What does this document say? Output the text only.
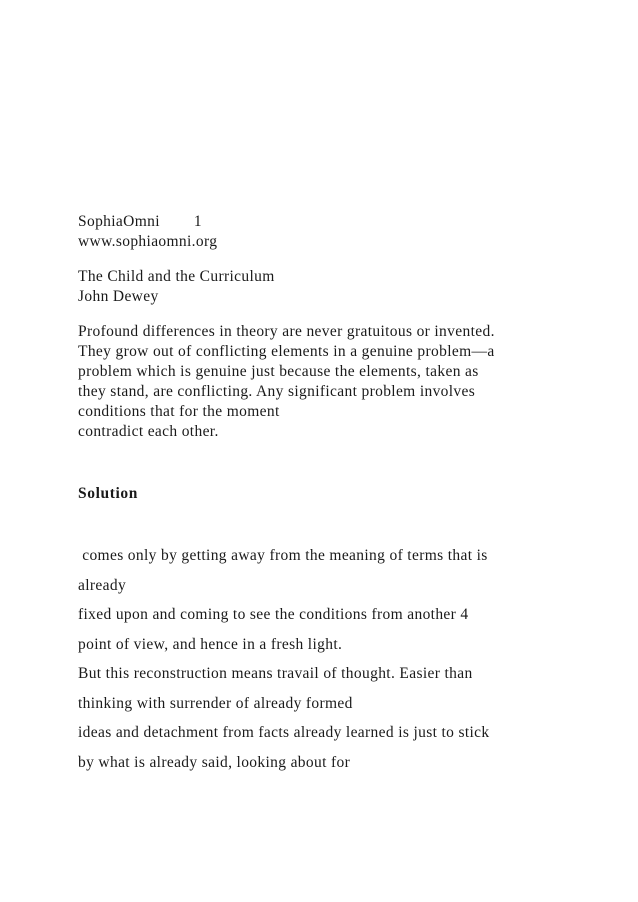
SophiaOmni 1
www.sophiaomni.org
The Child and the Curriculum
John Dewey
Profound differences in theory are never gratuitous or invented.
They grow out of conflicting elements in a genuine problem—a
problem which is genuine just because the elements, taken as
they stand, are conflicting. Any significant problem involves
conditions that for the moment
contradict each other.
Solution
comes only by getting away from the meaning of terms that is
already
fixed upon and coming to see the conditions from another 4
point of view, and hence in a fresh light.
But this reconstruction means travail of thought. Easier than
thinking with surrender of already formed
ideas and detachment from facts already learned is just to stick
by what is already said, looking about for
